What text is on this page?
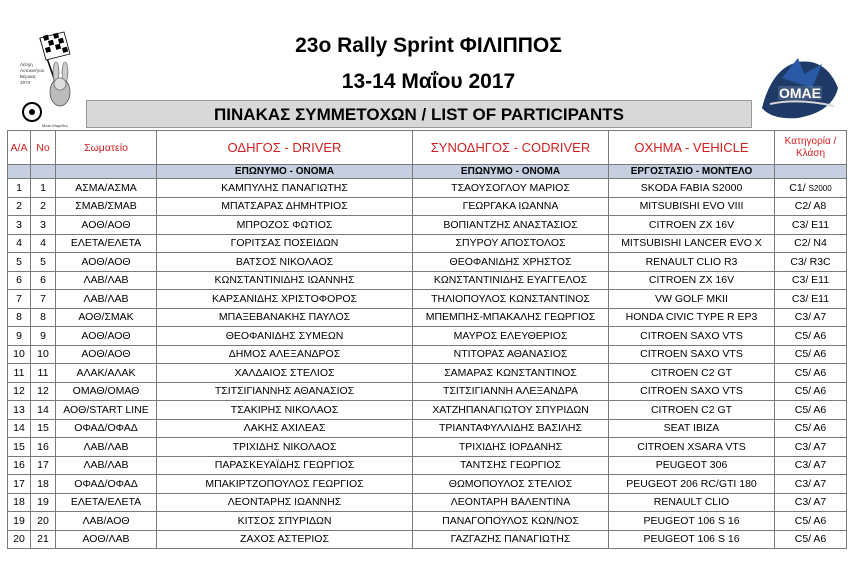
23o Rally Sprint ΦΙΛΙΠΠΟΣ
13-14 Μαΐου 2017
Λέσχη
Αυτοκινήτου
Βέροιας
1973
Μοτο Μαρέδες
ΟΜΑΕ
ΠΙΝΑΚΑΣ ΣΥΜΜΕΤΟΧΩΝ / LIST OF PARTICIPANTS
A/A	Νο	Σωματείο	ΟΔΗΓΟΣ - DRIVER	ΣΥΝΟΔΗΓΟΣ - CODRIVER	ΟΧΗΜΑ - VEHICLE	Κατηγορία /Κλάση
			ΕΠΩΝΥΜΟ - ΟΝΟΜΑ	ΕΠΩΝΥΜΟ - ΟΝΟΜΑ	ΕΡΓΟΣΤΑΣΙΟ - ΜΟΝΤΕΛΟ	
1	1	ΑΣΜΑ/ΑΣΜΑ	ΚΑΜΠΥΛΗΣ ΠΑΝΑΓΙΩΤΗΣ	ΤΣΑΟΥΣΟΓΛΟΥ ΜΑΡΙΟΣ	SKODA FABIA S2000	C1/ S2000
2	2	ΣΜΑΒ/ΣΜΑΒ	ΜΠΑΤΣΑΡΑΣ ΔΗΜΗΤΡΙΟΣ	ΓΕΩΡΓΑΚΑ ΙΩΑΝΝΑ	MITSUBISHI EVO VIII	C2/ A8
3	3	ΑΟΘ/ΑΟΘ	ΜΠΡΟΖΟΣ ΦΩΤΙΟΣ	ΒΟΠΙΑΝΤΖΗΣ ΑΝΑΣΤΑΣΙΟΣ	CITROEN ZX 16V	C3/ E11
4	4	ΕΛΕΤΑ/ΕΛΕΤΑ	ΓΟΡΙΤΣΑΣ ΠΟΣΕΙΔΩΝ	ΣΠΥΡΟΥ ΑΠΟΣΤΟΛΟΣ	MITSUBISHI LANCER EVO X	C2/ N4
5	5	ΑΟΘ/ΑΟΘ	ΒΑΤΣΟΣ ΝΙΚΟΛΑΟΣ	ΘΕΟΦΑΝΙΔΗΣ ΧΡΗΣΤΟΣ	RENAULT CLIO R3	C3/ R3C
6	6	ΛΑΒ/ΛΑΒ	ΚΩΝΣΤΑΝΤΙΝΙΔΗΣ ΙΩΑΝΝΗΣ	ΚΩΝΣΤΑΝΤΙΝΙΔΗΣ ΕΥΑΓΓΕΛΟΣ	CITROEN ZX 16V	C3/ E11
7	7	ΛΑΒ/ΛΑΒ	ΚΑΡΣΑΝΙΔΗΣ ΧΡΙΣΤΟΦΟΡΟΣ	ΤΗΛΙΟΠΟΥΛΟΣ ΚΩΝΣΤΑΝΤΙΝΟΣ	VW GOLF MKII	C3/ E11
8	8	ΑΟΘ/ΣΜΑΚ	ΜΠΑΞΕΒΑΝΑΚΗΣ ΠΑΥΛΟΣ	ΜΠΕΜΠΗΣ-ΜΠΑΚΑΛΗΣ ΓΕΩΡΓΙΟΣ	HONDA CIVIC TYPE R EP3	C3/ A7
9	9	ΑΟΘ/ΑΟΘ	ΘΕΟΦΑΝΙΔΗΣ ΣΥΜΕΩΝ	ΜΑΥΡΟΣ ΕΛΕΥΘΕΡΙΟΣ	CITROEN SAXO VTS	C5/ A6
10	10	ΑΟΘ/ΑΟΘ	ΔΗΜΟΣ ΑΛΕΞΑΝΔΡΟΣ	ΝΤΙΤΟΡΑΣ ΑΘΑΝΑΣΙΟΣ	CITROEN SAXO VTS	C5/ A6
11	11	ΑΛΑΚ/ΑΛΑΚ	ΧΑΛΔΑΙΟΣ ΣΤΕΛΙΟΣ	ΣΑΜΑΡΑΣ ΚΩΝΣΤΑΝΤΙΝΟΣ	CITROEN C2 GT	C5/ A6
12	12	ΟΜΑΘ/ΟΜΑΘ	ΤΣΙΤΣΙΓΙΑΝΝΗΣ ΑΘΑΝΑΣΙΟΣ	ΤΣΙΤΣΙΓΙΑΝΝΗ ΑΛΕΞΑΝΔΡΑ	CITROEN SAXO VTS	C5/ A6
13	14	ΑΟΘ/START LINE	ΤΣΑΚΙΡΗΣ ΝΙΚΟΛΑΟΣ	ΧΑΤΖΗΠΑΝΑΓΙΩΤΟΥ ΣΠΥΡΙΔΩΝ	CITROEN C2 GT	C5/ A6
14	15	ΟΦΑΔ/ΟΦΑΔ	ΛΑΚΗΣ ΑΧΙΛΕΑΣ	ΤΡΙΑΝΤΑΦΥΛΛΙΔΗΣ ΒΑΣΙΛΗΣ	SEAT IBIZA	C5/ A6
15	16	ΛΑΒ/ΛΑΒ	ΤΡΙΧΙΔΗΣ ΝΙΚΟΛΑΟΣ	ΤΡΙΧΙΔΗΣ ΙΟΡΔΑΝΗΣ	CITROEN XSARA VTS	C3/ A7
16	17	ΛΑΒ/ΛΑΒ	ΠΑΡΑΣΚΕΥΑΪΔΗΣ ΓΕΩΡΓΙΟΣ	ΤΑΝΤΣΗΣ ΓΕΩΡΓΙΟΣ	PEUGEOT 306	C3/ A7
17	18	ΟΦΑΔ/ΟΦΑΔ	ΜΠΑΚΙΡΤΖΟΠΟΥΛΟΣ ΓΕΩΡΓΙΟΣ	ΘΩΜΟΠΟΥΛΟΣ ΣΤΕΛΙΟΣ	PEUGEOT 206 RC/GTI 180	C3/ A7
18	19	ΕΛΕΤΑ/ΕΛΕΤΑ	ΛΕΟΝΤΑΡΗΣ ΙΩΑΝΝΗΣ	ΛΕΟΝΤΑΡΗ ΒΑΛΕΝΤΙΝΑ	RENAULT CLIO	C3/ A7
19	20	ΛΑΒ/ΑΟΘ	ΚΙΤΣΟΣ ΣΠΥΡΙΔΩΝ	ΠΑΝΑΓΟΠΟΥΛΟΣ ΚΩΝ/ΝΟΣ	PEUGEOT 106 S 16	C5/ A6
20	21	ΑΟΘ/ΛΑΒ	ΖΑΧΟΣ ΑΣΤΕΡΙΟΣ	ΓΑΖΓΑΖΗΣ ΠΑΝΑΓΙΩΤΗΣ	PEUGEOT 106 S 16	C5/ A6
